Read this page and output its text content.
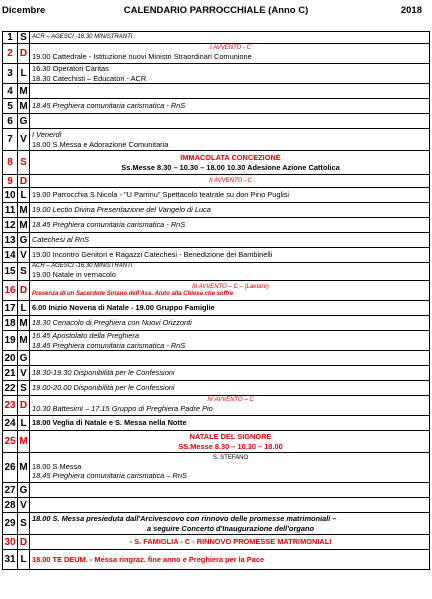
Dicembre	CALENDARIO PARROCCHIALE (Anno C)	2018
1	S	ACR – AGESCI -16.30 MINISTRANTI

2	D	I AVVENTO - C
19.00 Cattedrale - Istituzione nuovi Ministri Straordinari Comunione

3	L	16.30 Operatori Caritas
18.30 Catechisti – Educatori - ACR

4	M	
5	M	18.45 Preghiera comunitaria carismatica - RnS

6	G	
7	V	I Venerdì
18.00 S.Messa e Adorazione Comunitaria

8	S	IMMACOLATA CONCEZIONE
Ss.Messe 8.30 – 10.30 – 18.00 10.30 Adesione Azione Cattolica

9	D	II AVVENTO - C

10	L	19.00 Parrocchia S.Nicola - "U Parrinu" Spettacolo teatrale su don Pino Puglisi

11	M	19.00 Lectio Divina Presentazione del Vangelo di Luca

12	M	18.45 Preghiera comunitaria carismatica - RnS

13	G	Catechesi al RnS

14	V	19.00 Incontro Genitori e Ragazzi Catechesi - Benedizione dei Bambinelli

15	S	ACR – AGESCI -16.30 MINISTRANTI
19.00 Natale in vernacolo

16	D	III AVVENTO – C – (Laetare)
Presenza di un Sacerdote Siriano dell'Ass. Aiuto alla Chiesa che soffre

17	L	6.00 Inizio Novena di Natale - 19.00 Gruppo Famiglie

18	M	18.30 Cenacolo di Preghiera con Nuovi Orizzonti

19	M	16.45 Apostolato della Preghiera
18.45 Preghiera comunitaria carismatica - RnS

20	G	
21	V	18.30-19.30 Disponibilità per le Confessioni

22	S	19.00-20.00 Disponibilità per le Confessioni

23	D	IV AVVENTO – C
10.30 Battesimi – 17.15 Gruppo di Preghiera Padre Pio

24	L	18.00 Veglia di Natale e S. Messa nella Notte

25	M	NATALE DEL SIGNORE
SS.Messe 8.30 – 10.30 – 18.00

26	M	S. STEFANO
18.00 S.Messa
18.45 Preghiera comunitaria carismatica – RnS

27	G	
28	V	
29	S	18.00 S. Messa presieduta dall'Arcivescovo con rinnovo delle promesse matrimoniali –
a seguire Concerto d'Inaugurazione dell'organo

30	D	- S. FAMIGLIA - C - RINNOVO PROMESSE MATRIMONIALI

31	L	18.00 TE DEUM. - Messa ringraz. fine anno e Preghiera per la Pace
